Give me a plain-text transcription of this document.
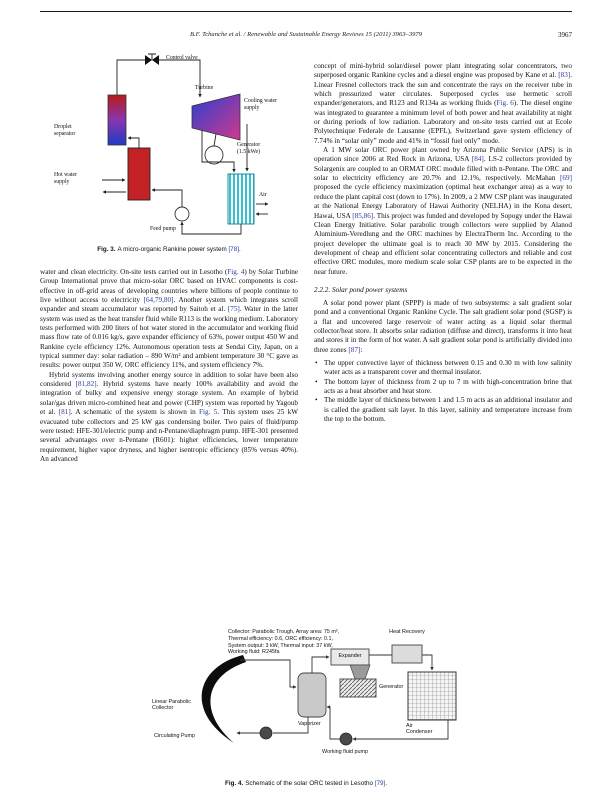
B.F. Tchanche et al. / Renewable and Sustainable Energy Reviews 15 (2011) 3963–3979	3967
Control valve
Turbine
Cooling water supply
Generator (1.5 kWe)
Droplet separator
Hot water supply
Air
Feed pump
Fig. 3. A micro-organic Rankine power system [78].

water and clean electricity. On-site tests carried out in Lesotho (Fig. 4) by Solar Turbine Group International prove that micro-solar ORC based on HVAC components is cost-effective in off-grid areas of developing countries where billions of people continue to live without access to electricity [64,79,80]. Another system which integrates scroll expander and steam accumulator was reported by Saitoh et al. [75]. Water in the latter system was used as the heat transfer fluid while R113 is the working medium. Laboratory tests performed with 200 liters of hot water stored in the accumulator and working fluid mass flow rate of 0.016 kg/s, gave expander efficiency of 63%, power output 450 W and Rankine cycle efficiency 12%. Autonomous operation tests at Sendai City, Japan, on a typical summer day: solar radiation – 890 W/m² and ambient temperature 30 °C gave as results: power output 350 W, ORC efficiency 11%, and system efficiency 7%.

Hybrid systems involving another energy source in addition to solar have been also considered [81,82]. Hybrid systems have nearly 100% availability and avoid the integration of bulky and expensive energy storage system. An example of hybrid solar/gas driven micro-combined heat and power (CHP) system was reported by Yagoub et al. [81]. A schematic of the system is shown in Fig. 5. This system uses 25 kW evacuated tube collectors and 25 kW gas condensing boiler. Two pairs of fluid/pump were tested: HFE-301/electric pump and n-Pentane/diaphragm pump. HFE-301 presented several advantages over n-Pentane (R601): higher efficiencies, lower temperature requirement, higher vapor dryness, and higher isentropic efficiency (85% versus 40%). An advanced

concept of mini-hybrid solar/diesel power plant integrating solar concentrators, two superposed organic Rankine cycles and a diesel engine was proposed by Kane et al. [83]. Linear Fresnel collectors track the sun and concentrate the rays on the receiver tube in which pressurized water circulates. Superposed cycles use hermetic scroll expander/generators, and R123 and R134a as working fluids (Fig. 6). The diesel engine was integrated to guarantee a minimum level of both power and heat availability at night or during periods of low radiation. Laboratory and on-site tests carried out at Ecole Polytechnique Federale de Lausanne (EPFL), Switzerland gave system efficiency of 7.74% in “solar only” mode and 41% in “fossil fuel only” mode.

A 1 MW solar ORC power plant owned by Arizona Public Service (APS) is in operation since 2006 at Red Rock in Arizona, USA [84]. LS-2 collectors provided by Solargenix are coupled to an ORMAT ORC module filled with n-Pentane. The ORC and solar to electricity efficiency are 20.7% and 12.1%, respectively. McMahan [69] proposed the cycle efficiency maximization (optimal heat exchanger area) as a way to reduce the plant capital cost (down to 17%). In 2009, a 2 MW CSP plant was inaugurated at the National Energy Laboratory of Hawai Authority (NELHA) in the Kona desert, Hawai, USA [85,86]. This project was funded and developed by Sopogy under the Hawai Clean Energy Initiative. Solar parabolic trough collectors were supplied by Alanod Aluminium-Veredlung and the ORC machines by ElectraTherm Inc. According to the project developer the ultimate goal is to reach 30 MW by 2015. Considering the development of cheap and efficient solar concentrating collectors and reliable and cost effective ORC modules, more medium scale solar CSP plants are to be expected in the near future.

2.2.2. Solar pond power systems

A solar pond power plant (SPPP) is made of two subsystems: a salt gradient solar pond and a conventional Organic Rankine Cycle. The salt gradient solar pond (SGSP) is a flat and uncovered large reservoir of water acting as a liquid solar thermal collector/heat store. It absorbs solar radiation (diffuse and direct), transforms it into heat and stores it in the form of hot water. A salt gradient solar pond is artificially divided into three zones [87]:

• The upper convective layer of thickness between 0.15 and 0.30 m with low salinity water acts as a transparent cover and thermal insulator.
• The bottom layer of thickness from 2 up to 7 m with high-concentration brine that acts as a heat absorber and heat store.
• The middle layer of thickness between 1 and 1.5 m acts as an additional insulator and is called the gradient salt layer. In this layer, salinity and temperature increase from the top to the bottom.
Collector: Parabolic Trough, Array area: 75 m²,
Thermal efficiency: 0.6, ORC efficiency: 0.1,
System output: 3 kW, Thermal input: 37 kW,
Working fluid: R245fa
Linear Parabolic Collector
Expander
Heat Recovery
Generator
Vaporizer
Circulating Pump
Working fluid pump
Air Condenser
Fig. 4. Schematic of the solar ORC tested in Lesotho [79].
